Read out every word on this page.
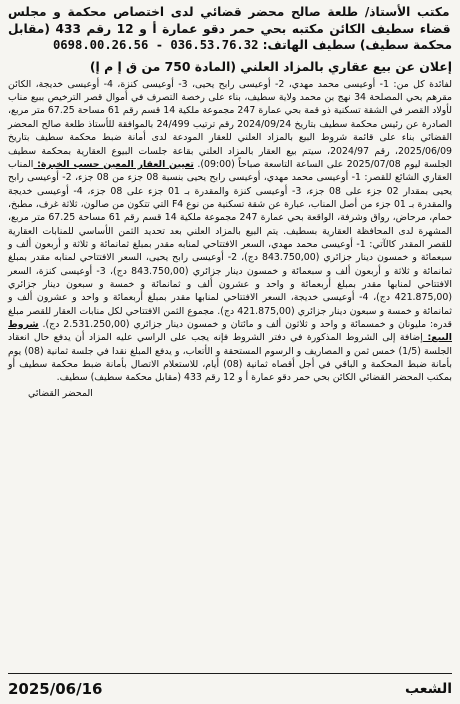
مكتب الأستاذ/ طلعة صالح محضر قضائي لدى اختصاص محكمة و مجلس قضاء سطيف الكائن مكتبه بحي حمر دقو عمارة أ و 12 رقم 433 (مقابل محكمة سطيف) سطيف الهاتف: 036.53.76.32 - 0698.00.26.56
إعلان عن بيع عقاري بالمزاد العلني (المادة 750 من ق إ م إ)
لفائدة كل من: 1- أوعيسى محمد مهدي، 2- أوعيسى رابح يحيى، 3- أوعيسى كنزة، 4- أوعيسى خديجة، الكائن مقرهم بحي المصلحة 34 نهج بن محمد ولاية سطيف، بناء على رخصة التصرف في أموال قصر الترخيص ببيع مناب لأولاد القصر في الشقة تسكنية ذو قمة بحي عمارة 247 مجموعة ملكية 14 قسم رقم 61 مساحة 67.25 متر مربع، الصادرة عن رئيس محكمة سطيف بتاريخ 2024/09/24 رقم ترتيب 24/499 بالموافقة للأستاذ طلعة صالح المحضر القضائي بناء على قائمة شروط البيع بالمزاد العلني للعقار المودعة لدى أمانة ضبط محكمة سطيف بتاريخ 2025/06/09، رقم 2024/97، سيتم بيع العقار بالمزاد العلني بقاعة جلسات البيوع العقارية بمحكمة سطيف الجلسة ليوم 2025/07/08 على الساعة التاسعة صباحاً (09:00). تعيين العقار المعين حسب الخبرة: المناب العقاري الشائع للقصر: 1- أوعيسى محمد مهدي، أوعيسى رابح يحيى بنسبة 08 جزء من 08 جزء، 2- أوعيسى رابح يحيى بمقدار 02 جزء على 08 جزء، 3- أوعيسى كنزة والمقدرة بـ 01 جزء على 08 جزء، 4- أوعيسى خديجة والمقدرة بـ 01 جزء من أصل المناب، عبارة عن شقة تسكنية من نوع F4 التي تتكون من صالون، ثلاثة غرف، مطبخ، حمام، مرحاض، رواق وشرفة، الواقعة بحي عمارة 247 مجموعة ملكية 14 قسم رقم 61 مساحة 67.25 متر مربع، المشهرة لدى المحافظة العقارية بسطيف. يتم البيع بالمزاد العلني بعد تحديد الثمن الأساسي للمنابات العقارية للقصر المقدر كالآتي: 1- أوعيسى محمد مهدي، السعر الافتتاحي لمنابه مقدر بمبلغ ثمانمائة و ثلاثة و أربعون ألف و سبعمائة و خمسون دينار جزائري (843.750,00 دج)، 2- أوعيسى رابح يحيى، السعر الافتتاحي لمنابه مقدر بمبلغ ثمانمائة و ثلاثة و أربعون ألف و سبعمائة و خمسون دينار جزائري (843.750,00 دج)، 3- أوعيسى كنزة، السعر الافتتاحي لمنابها مقدر بمبلغ أربعمائة و واحد و عشرون ألف و ثمانمائة و خمسة و سبعون دينار جزائري (421.875,00 دج)، 4- أوعيسى خديجة، السعر الافتتاحي لمنابها مقدر بمبلغ أربعمائة و واحد و عشرون ألف و ثمانمائة و خمسة و سبعون دينار جزائري (421.875,00 دج). مجموع الثمن الافتتاحي لكل منابات العقار للقصر مبلغ قدره: مليونان و خمسمائة و واحد و ثلاثون ألف و مائتان و خمسون دينار جزائري (2.531.250,00 دج). شروط البيع: إضافة إلى الشروط المذكورة في دفتر الشروط فإنه يجب على الراسي عليه المزاد أن يدفع حال انعقاد الجلسة (1/5) خمس ثمن و المصاريف و الرسوم المستحقة و الأتعاب، و يدفع المبلغ نقدا في جلسة ثمانية (08) يوم بأمانة ضبط المحكمة و الباقي في أجل أقصاه ثمانية (08) أيام، للاستعلام الاتصال بأمانة ضبط محكمة سطيف أو بمكتب المحضر القضائي الكائن بحي حمر دقو عمارة أ و 12 رقم 433 (مقابل محكمة سطيف) سطيف.
المحضر القضائي
الشعب
2025/06/16
